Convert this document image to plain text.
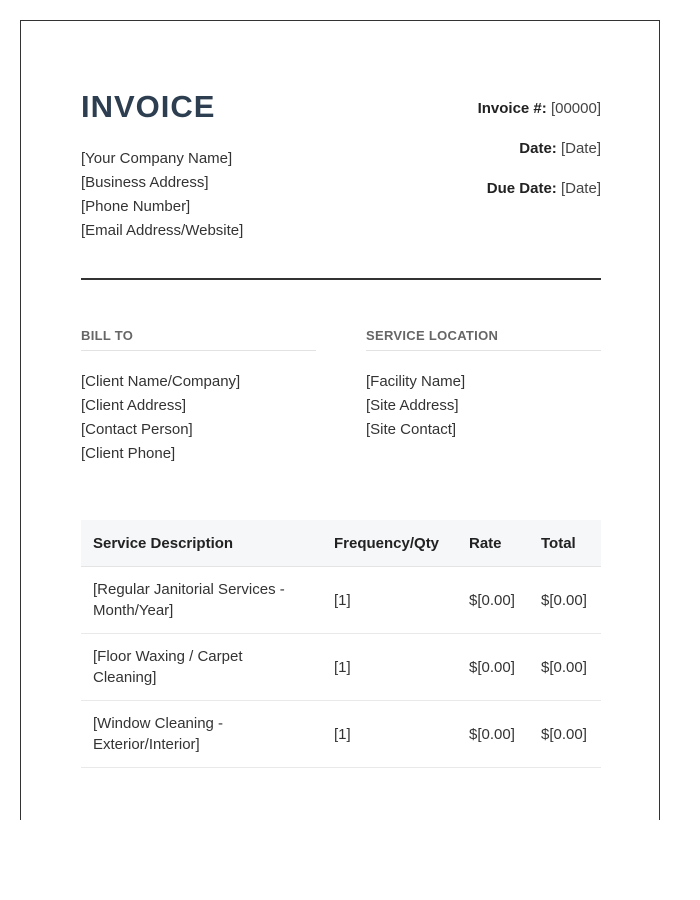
INVOICE
[Your Company Name]
[Business Address]
[Phone Number]
[Email Address/Website]
Invoice #: [00000]
Date: [Date]
Due Date: [Date]
BILL TO
[Client Name/Company]
[Client Address]
[Contact Person]
[Client Phone]
SERVICE LOCATION
[Facility Name]
[Site Address]
[Site Contact]
Service Description	Frequency/Qty	Rate	Total
[Regular Janitorial Services - Month/Year]	[1]	$[0.00]	$[0.00]
[Floor Waxing / Carpet Cleaning]	[1]	$[0.00]	$[0.00]
[Window Cleaning - Exterior/Interior]	[1]	$[0.00]	$[0.00]
